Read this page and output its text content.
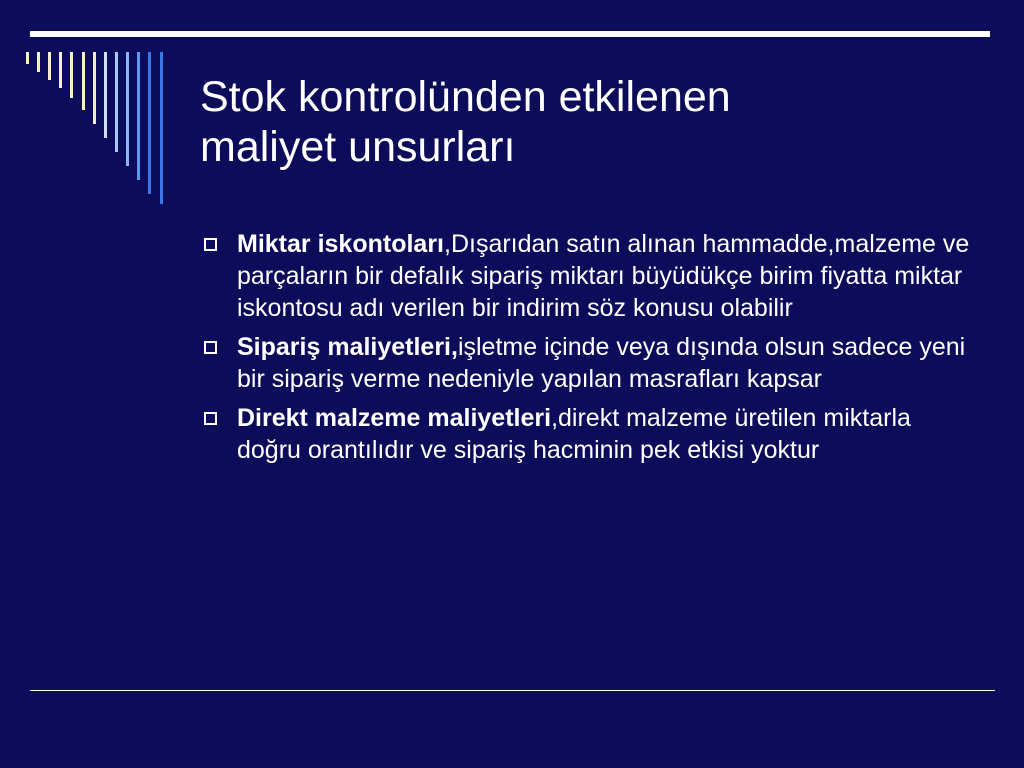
Stok kontrolünden etkilenen
maliyet unsurları
Miktar iskontoları,Dışarıdan satın alınan hammadde,malzeme ve parçaların bir defalık sipariş miktarı büyüdükçe birim fiyatta miktar iskontosu adı verilen bir indirim söz konusu olabilir
Sipariş maliyetleri,işletme içinde veya dışında olsun sadece yeni bir sipariş verme nedeniyle yapılan masrafları kapsar
Direkt malzeme maliyetleri,direkt malzeme üretilen miktarla doğru orantılıdır ve sipariş hacminin pek etkisi yoktur
